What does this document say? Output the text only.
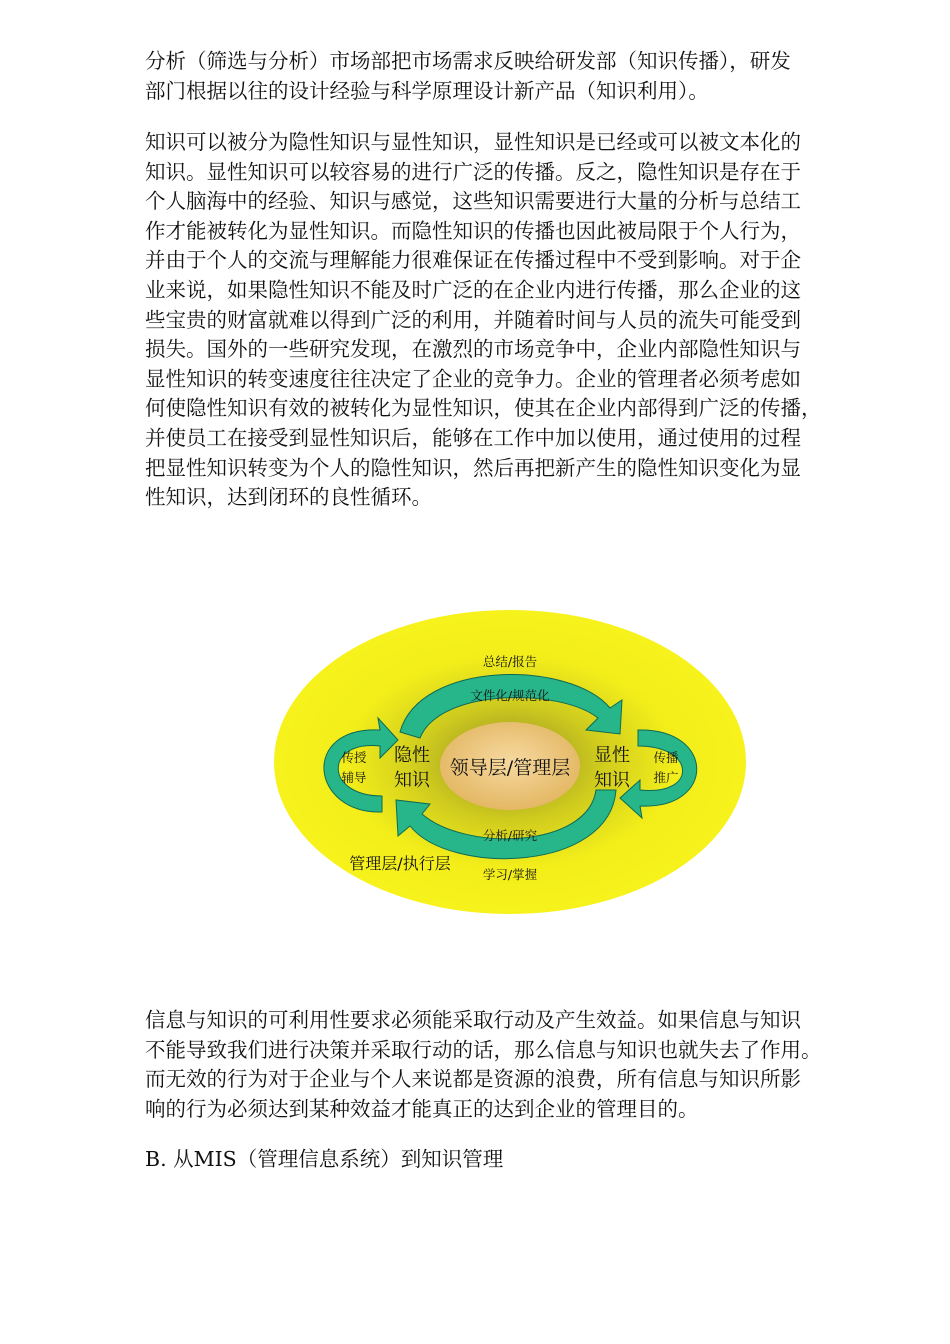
分析（筛选与分析）市场部把市场需求反映给研发部（知识传播），研发
部门根据以往的设计经验与科学原理设计新产品（知识利用）。
知识可以被分为隐性知识与显性知识，显性知识是已经或可以被文本化的
知识。显性知识可以较容易的进行广泛的传播。反之，隐性知识是存在于
个人脑海中的经验、知识与感觉，这些知识需要进行大量的分析与总结工
作才能被转化为显性知识。而隐性知识的传播也因此被局限于个人行为，
并由于个人的交流与理解能力很难保证在传播过程中不受到影响。对于企
业来说，如果隐性知识不能及时广泛的在企业内进行传播，那么企业的这
些宝贵的财富就难以得到广泛的利用，并随着时间与人员的流失可能受到
损失。国外的一些研究发现，在激烈的市场竞争中，企业内部隐性知识与
显性知识的转变速度往往决定了企业的竞争力。企业的管理者必须考虑如
何使隐性知识有效的被转化为显性知识，使其在企业内部得到广泛的传播，
并使员工在接受到显性知识后，能够在工作中加以使用，通过使用的过程
把显性知识转变为个人的隐性知识，然后再把新产生的隐性知识变化为显
性知识，达到闭环的良性循环。
领导层/管理层
隐性
知识
显性
知识
总结/报告
文件化/规范化
分析/研究
学习/掌握
传授
辅导
传播
推广
管理层/执行层
信息与知识的可利用性要求必须能采取行动及产生效益。如果信息与知识
不能导致我们进行决策并采取行动的话，那么信息与知识也就失去了作用。
而无效的行为对于企业与个人来说都是资源的浪费，所有信息与知识所影
响的行为必须达到某种效益才能真正的达到企业的管理目的。
B. 从MIS（管理信息系统）到知识管理
